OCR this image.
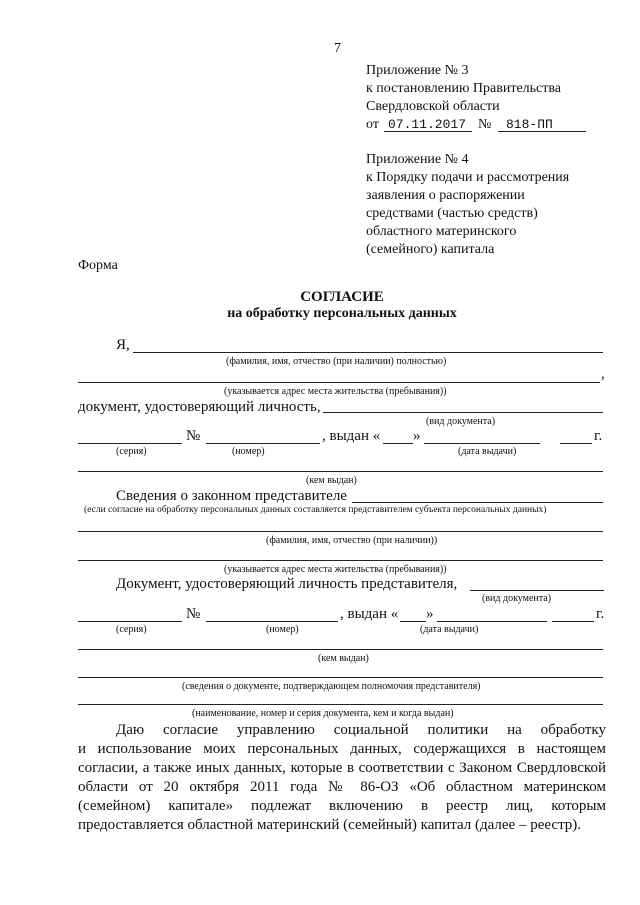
7
Приложение № 3
к постановлению Правительства
Свердловской области
от 07.11.2017 № 818-ПП
Приложение № 4
к Порядку подачи и рассмотрения
заявления о распоряжении
средствами (частью средств)
областного материнского
(семейного) капитала
Форма
СОГЛАСИЕ
на обработку персональных данных
Я,
(фамилия, имя, отчество (при наличии) полностью)
,
(указывается адрес места жительства (пребывания))
документ, удостоверяющий личность,
(вид документа)
№	, выдан « »	г.
(серия)	(номер)	(дата выдачи)
(кем выдан)
Сведения о законном представителе
(если согласие на обработку персональных данных составляется представителем субъекта персональных данных)
(фамилия, имя, отчество (при наличии))
(указывается адрес места жительства (пребывания))
Документ, удостоверяющий личность представителя,
(вид документа)
№	, выдан « »	г.
(серия)	(номер)	(дата выдачи)
(кем выдан)
(сведения о документе, подтверждающем полномочия представителя)
(наименование, номер и серия документа, кем и когда выдан)

Даю согласие управлению социальной политики на обработку

и использование моих персональных данных, содержащихся в настоящем

согласии, а также иных данных, которые в соответствии с Законом Свердловской

области от 20 октября 2011 года № 86-ОЗ «Об областном материнском

(семейном) капитале» подлежат включению в реестр лиц, которым

предоставляется областной материнский (семейный) капитал (далее – реестр).
